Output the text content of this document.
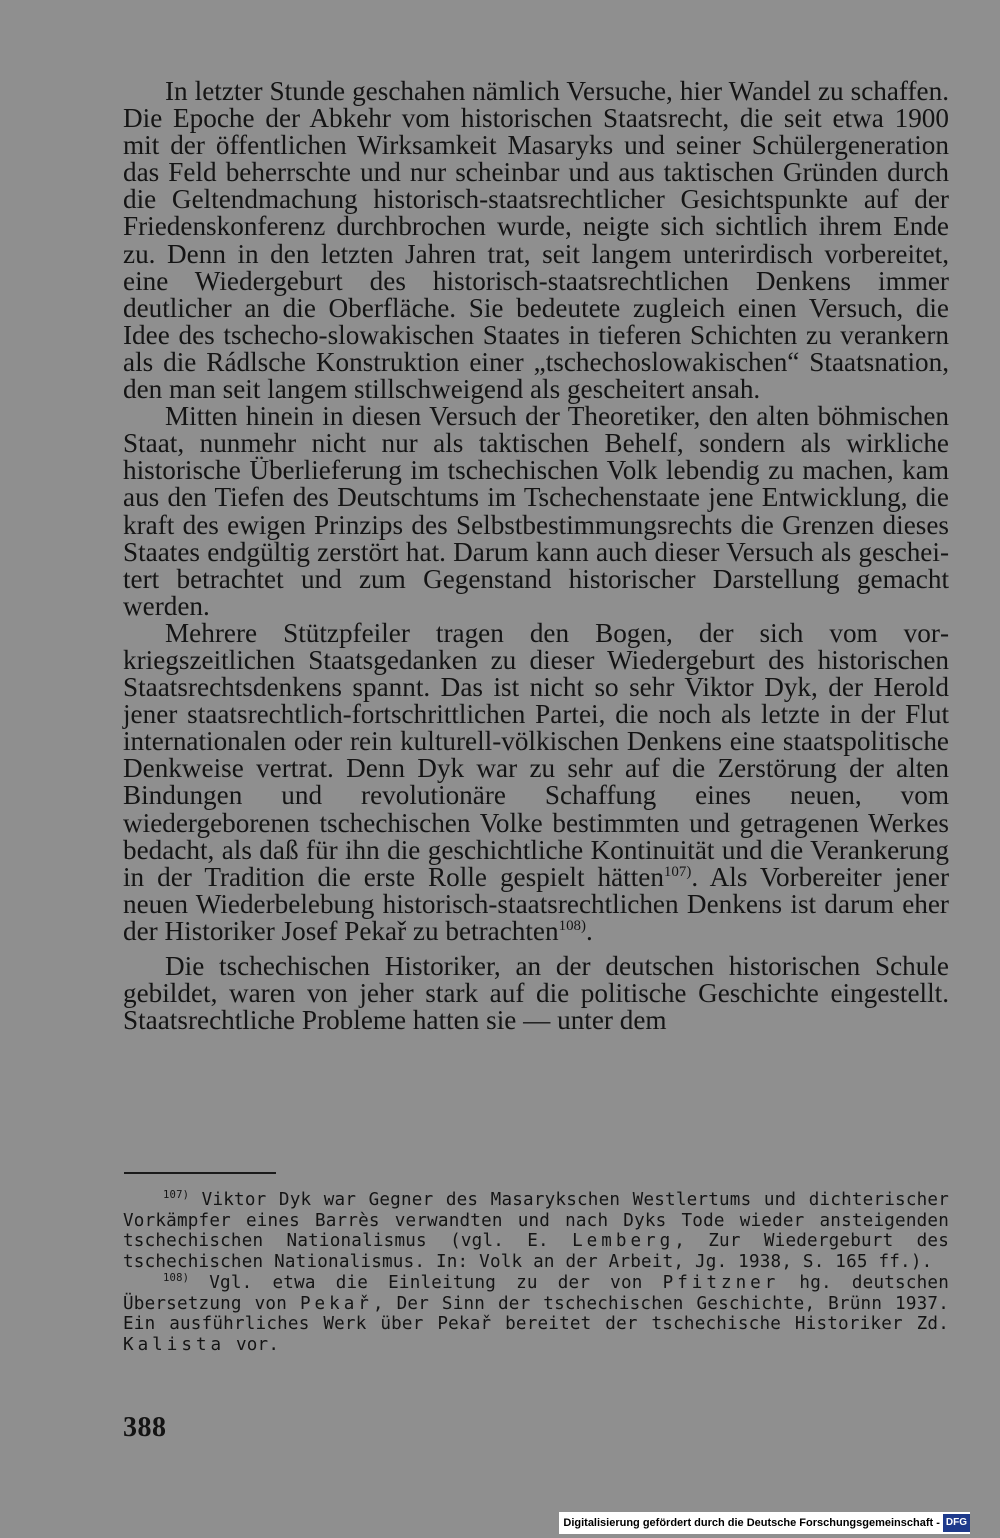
In letzter Stunde geschahen nämlich Versuche, hier Wandel zu schaffen. Die Epoche der Abkehr vom historischen Staatsrecht, die seit etwa 1900 mit der öffentlichen Wirksamkeit Masaryks und seiner Schülergeneration das Feld beherrschte und nur scheinbar und aus taktischen Gründen durch die Geltendmachung historisch-staatsrechtlicher Gesichtspunkte auf der Friedenskonferenz durchbrochen wurde, neigte sich sichtlich ihrem Ende zu. Denn in den letzten Jahren trat, seit langem unterirdisch vorbereitet, eine Wiedergeburt des historisch-staatsrechtlichen Denkens immer deutlicher an die Oberfläche. Sie bedeutete zugleich einen Versuch, die Idee des tschecho-slowakischen Staates in tieferen Schichten zu verankern als die Rádlsche Konstruktion einer „tschechoslowakischen“ Staatsnation, den man seit langem stillschweigend als gescheitert ansah.

Mitten hinein in diesen Versuch der Theoretiker, den alten böhmischen Staat, nunmehr nicht nur als taktischen Behelf, sondern als wirkliche historische Überlieferung im tschechischen Volk lebendig zu machen, kam aus den Tiefen des Deutschtums im Tschechenstaate jene Entwicklung, die kraft des ewigen Prinzips des Selbstbestimmungsrechts die Grenzen dieses Staates endgültig zerstört hat. Darum kann auch dieser Versuch als gescheitert betrachtet und zum Gegenstand historischer Darstellung gemacht werden.

Mehrere Stützpfeiler tragen den Bogen, der sich vom vorkriegszeitlichen Staatsgedanken zu dieser Wiedergeburt des historischen Staatsrechtsdenkens spannt. Das ist nicht so sehr Viktor Dyk, der Herold jener staatsrechtlich-fortschrittlichen Partei, die noch als letzte in der Flut internationalen oder rein kulturell-völkischen Denkens eine staatspolitische Denkweise vertrat. Denn Dyk war zu sehr auf die Zerstörung der alten Bindungen und revolutionäre Schaffung eines neuen, vom wiedergeborenen tschechischen Volke bestimmten und getragenen Werkes bedacht, als daß für ihn die geschichtliche Kontinuität und die Verankerung in der Tradition die erste Rolle gespielt hätten$^{107)}$. Als Vorbereiter jener neuen Wiederbelebung historisch-staatsrechtlichen Denkens ist darum eher der Historiker Josef Pekař zu betrachten$^{108)}$.

Die tschechischen Historiker, an der deutschen historischen Schule gebildet, waren von jeher stark auf die politische Geschichte eingestellt. Staatsrechtliche Probleme hatten sie — unter dem

$^{107)}$ Viktor Dyk war Gegner des Masarykschen Westlertums und dichterischer Vorkämpfer eines Barrès verwandten und nach Dyks Tode wieder ansteigenden tschechischen Nationalismus (vgl. E. Lemberg, Zur Wiedergeburt des tschechischen Nationalismus. In: Volk an der Arbeit, Jg. 1938, S. 165 ff.).

$^{108)}$ Vgl. etwa die Einleitung zu der von Pfitzner hg. deutschen Übersetzung von Pekař, Der Sinn der tschechischen Geschichte, Brünn 1937. Ein ausführliches Werk über Pekař bereitet der tschechische Historiker Zd. Kalista vor.

388
Digitalisierung gefördert durch die Deutsche Forschungsgemeinschaft - DFG
